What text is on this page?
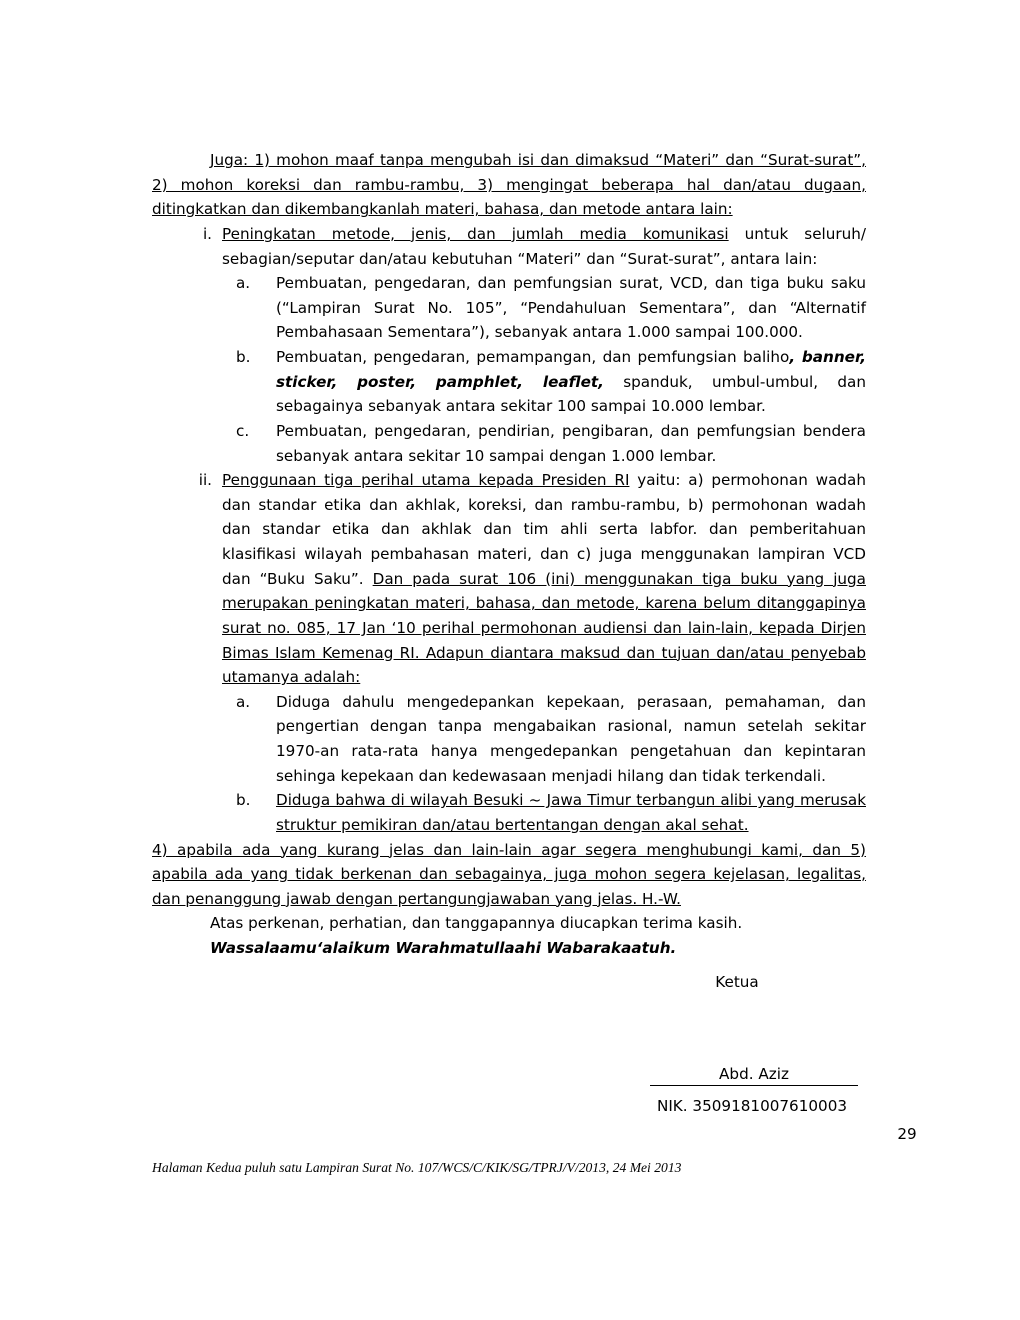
Juga: 1) mohon maaf tanpa mengubah isi dan dimaksud “Materi” dan “Surat-surat”, 2) mohon koreksi dan rambu-rambu, 3) mengingat beberapa hal dan/atau dugaan, ditingkatkan dan dikembangkanlah materi, bahasa, dan metode antara lain:
i. Peningkatan metode, jenis, dan jumlah media komunikasi untuk seluruh/ sebagian/seputar dan/atau kebutuhan “Materi” dan “Surat-surat”, antara lain:
a.	Pembuatan, pengedaran, dan pemfungsian surat, VCD, dan tiga buku saku (“Lampiran Surat No. 105”, “Pendahuluan Sementara”, dan “Alternatif Pembahasaan Sementara”), sebanyak antara 1.000 sampai 100.000.
b.	Pembuatan, pengedaran, pemampangan, dan pemfungsian baliho, banner, sticker, poster, pamphlet, leaflet, spanduk, umbul-umbul, dan sebagainya sebanyak antara sekitar 100 sampai 10.000 lembar.
c.	Pembuatan, pengedaran, pendirian, pengibaran, dan pemfungsian bendera sebanyak antara sekitar 10 sampai dengan 1.000 lembar.
ii. Penggunaan tiga perihal utama kepada Presiden RI yaitu: a) permohonan wadah dan standar etika dan akhlak, koreksi, dan rambu-rambu, b) permohonan wadah dan standar etika dan akhlak dan tim ahli serta labfor. dan pemberitahuan klasifikasi wilayah pembahasan materi, dan c) juga menggunakan lampiran VCD dan “Buku Saku”. Dan pada surat 106 (ini) menggunakan tiga buku yang juga merupakan peningkatan materi, bahasa, dan metode, karena belum ditanggapinya surat no. 085, 17 Jan ‘10 perihal permohonan audiensi dan lain-lain, kepada Dirjen Bimas Islam Kemenag RI. Adapun diantara maksud dan tujuan dan/atau penyebab utamanya adalah:
a.	Diduga dahulu mengedepankan kepekaan, perasaan, pemahaman, dan pengertian dengan tanpa mengabaikan rasional, namun setelah sekitar 1970-an rata-rata hanya mengedepankan pengetahuan dan kepintaran sehinga kepekaan dan kedewasaan menjadi hilang dan tidak terkendali.
b.	Diduga bahwa di wilayah Besuki ~ Jawa Timur terbangun alibi yang merusak struktur pemikiran dan/atau bertentangan dengan akal sehat.
4) apabila ada yang kurang jelas dan lain-lain agar segera menghubungi kami, dan 5) apabila ada yang tidak berkenan dan sebagainya, juga mohon segera kejelasan, legalitas, dan penanggung jawab dengan pertangungjawaban yang jelas. H.-W.
Atas perkenan, perhatian, dan tanggapannya diucapkan terima kasih.
Wassalaamu‘alaikum Warahmatullaahi Wabarakaatuh.
Ketua
Abd. Aziz
NIK. 3509181007610003
29
Halaman Kedua puluh satu Lampiran Surat No. 107/WCS/C/KIK/SG/TPRJ/V/2013, 24 Mei 2013
